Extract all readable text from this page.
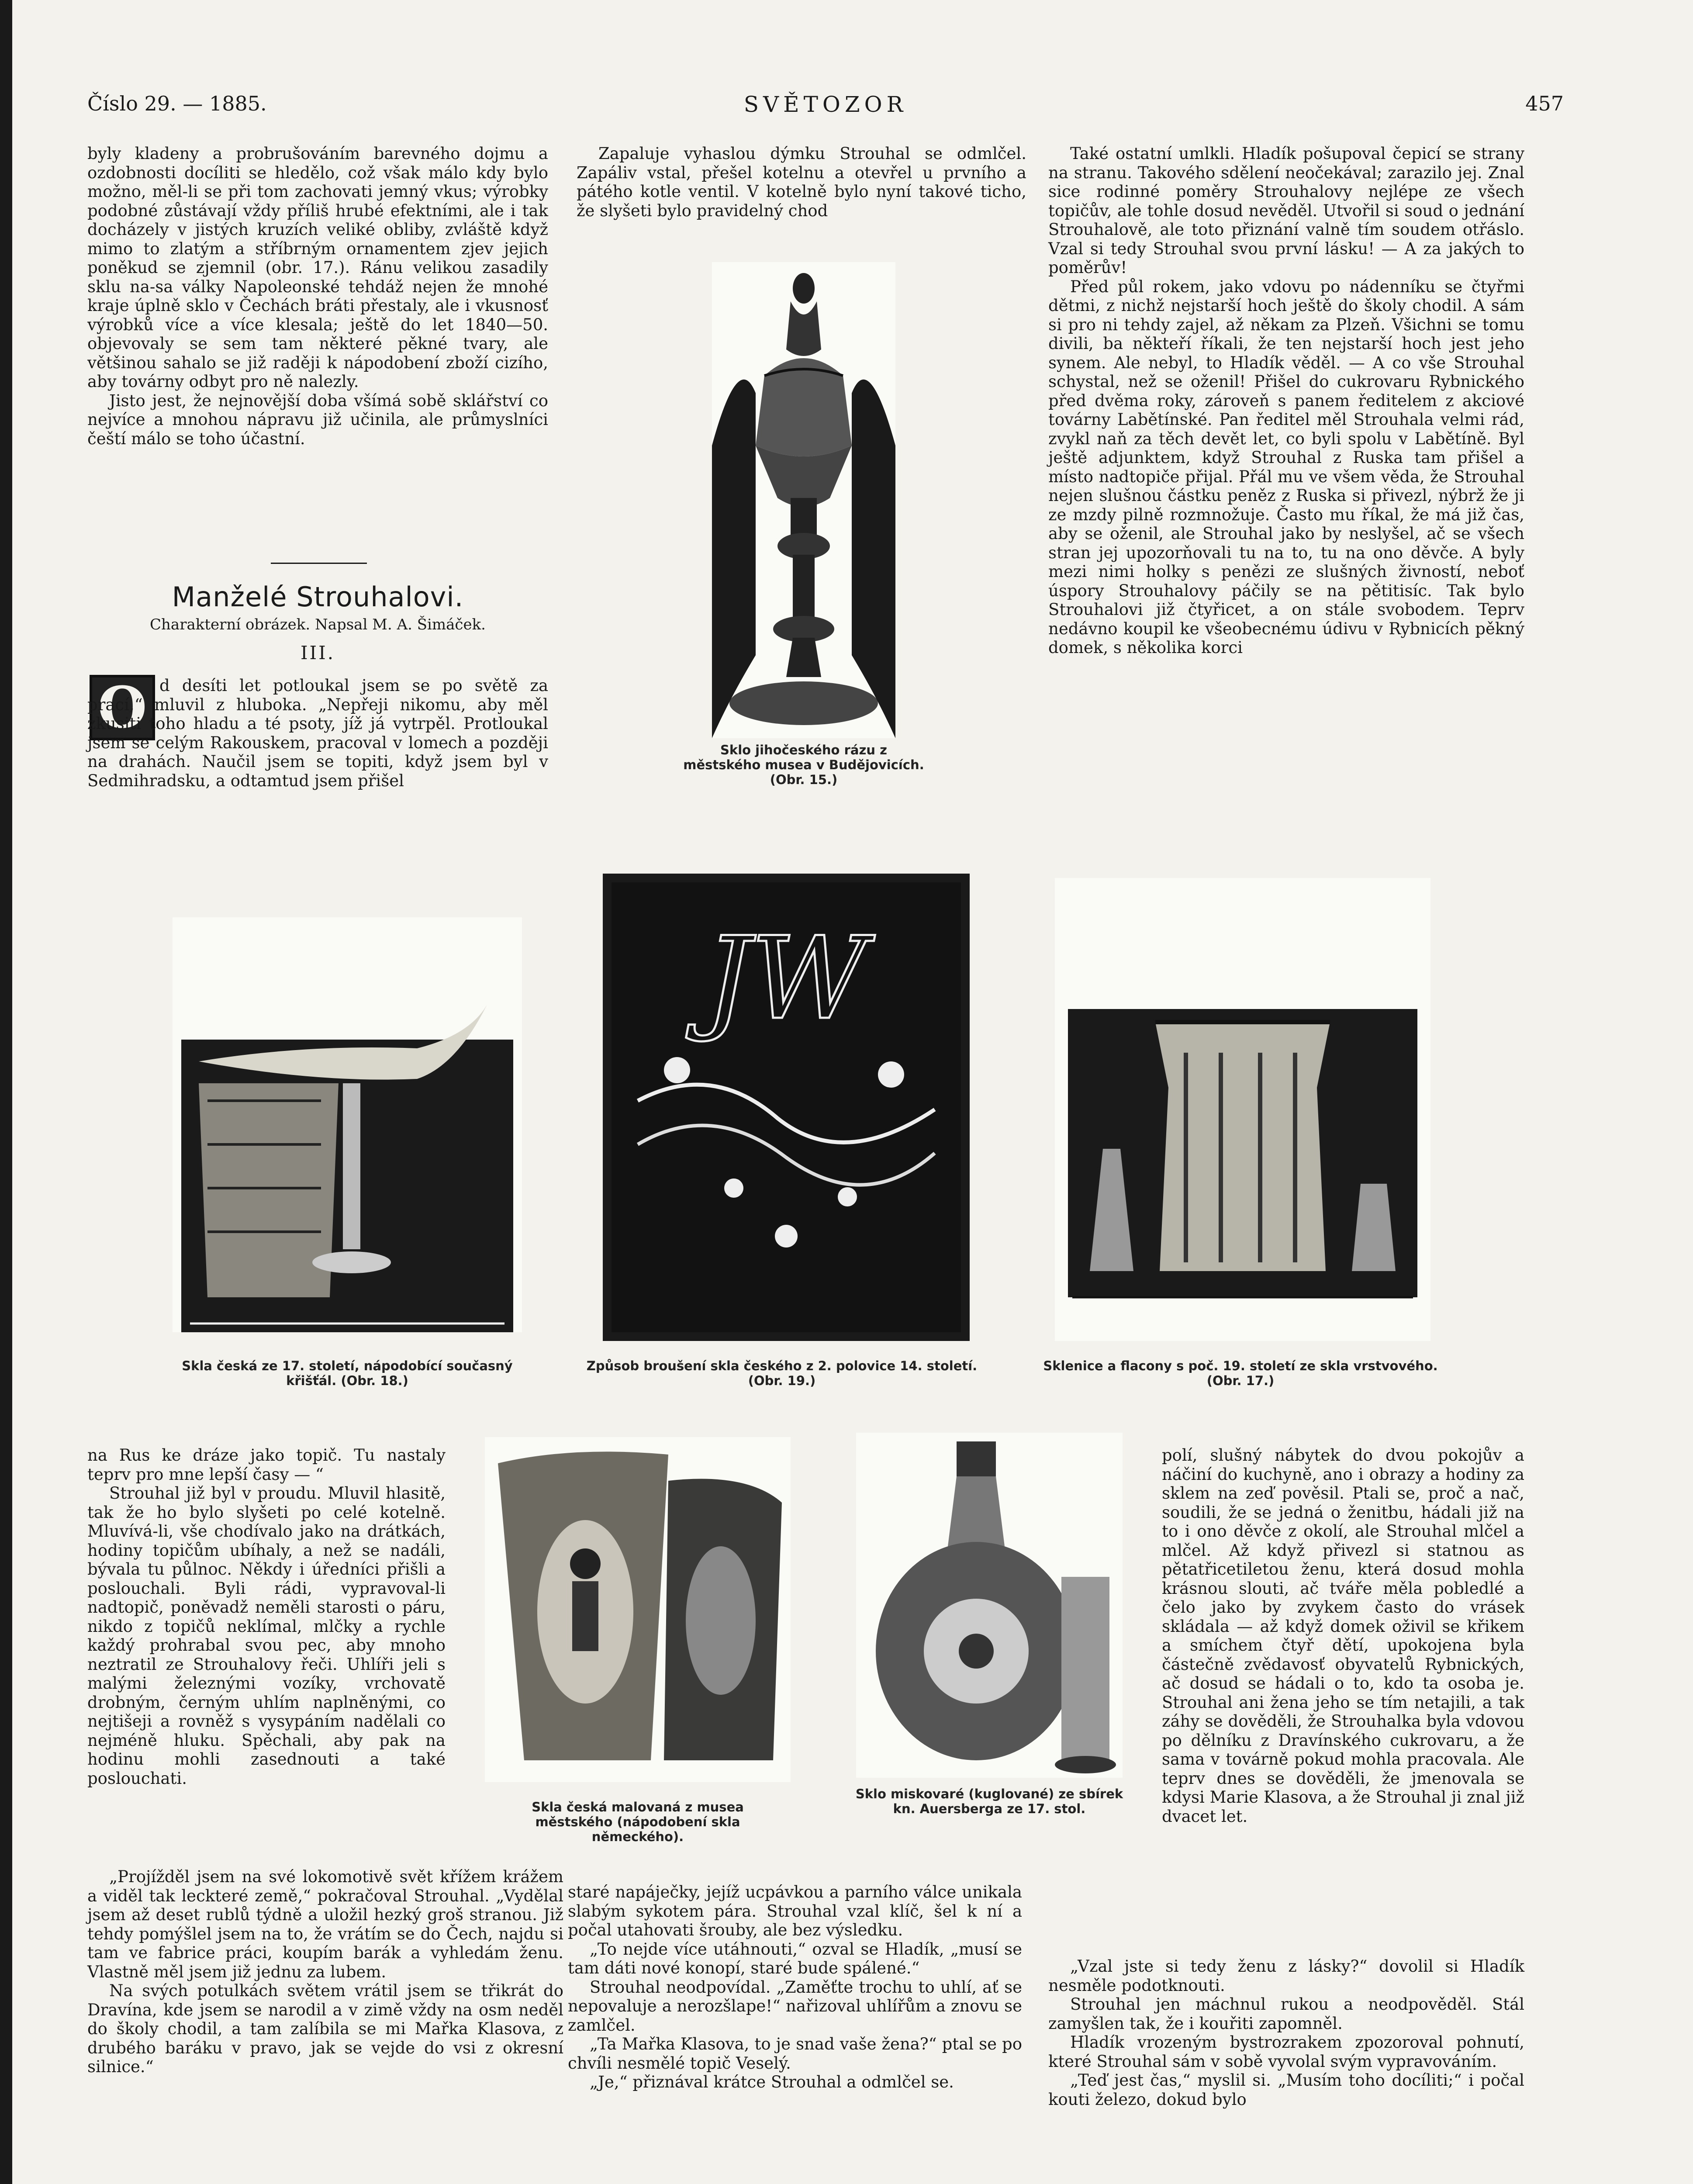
Číslo 29. — 1885.	SVĚTOZOR	457

byly kladeny a probrušováním barevného dojmu a ozdobnosti docíliti se hledělo, což však málo kdy bylo možno, měl-li se při tom zachovati jemný vkus; výrobky podobné zůstávají vždy příliš hrubé efektními, ale i tak docházely v jistých kruzích veliké obliby, zvláště když mimo to zlatým a stříbrným ornamentem zjev jejich poněkud se zjemnil (obr. 17.). Ránu velikou zasadily sklu na-sa války Napoleonské tehdáž nejen že mnohé kraje úplně sklo v Čechách bráti přestaly, ale i vkusnosť výrobků více a více klesala; ještě do let 1840—50. objevovaly se sem tam některé pěkné tvary, ale většinou sahalo se již raději k nápodobení zboží cizího, aby továrny odbyt pro ně nalezly.

Jisto jest, že nejnovější doba všímá sobě sklářství co nejvíce a mnohou nápravu již učinila, ale průmyslníci čeští málo se toho účastní.

Manželé Strouhalovi.
Charakterní obrázek. Napsal M. A. Šimáček.
III.
O d desíti let potloukal jsem se po světě za prací,“ mluvil z hluboka. „Nepřeji nikomu, aby měl zkusiti toho hladu a té psoty, jíž já vytrpěl. Protloukal jsem se celým Rakouskem, pracoval v lomech a později na drahách. Naučil jsem se topiti, když jsem byl v Sedmihradsku, a odtamtud jsem přišel

Zapaluje vyhaslou dýmku Strouhal se odmlčel. Zapáliv vstal, přešel kotelnu a otevřel u prvního a pátého kotle ventil. V kotelně bylo nyní takové ticho, že slyšeti bylo pravidelný chod

Sklo jihočeského rázu z městského musea v Budějovicích. (Obr. 15.)

Také ostatní umlkli. Hladík pošupoval čepicí se strany na stranu. Takového sdělení neočekával; zarazilo jej. Znal sice rodinné poměry Strouhalovy nejlépe ze všech topičův, ale tohle dosud nevěděl. Utvořil si soud o jednání Strouhalově, ale toto přiznání valně tím soudem otřáslo. Vzal si tedy Strouhal svou první lásku! — A za jakých to poměrův!

Před půl rokem, jako vdovu po nádenníku se čtyřmi dětmi, z nichž nejstarší hoch ještě do školy chodil. A sám si pro ni tehdy zajel, až někam za Plzeň. Všichni se tomu divili, ba někteří říkali, že ten nejstarší hoch jest jeho synem. Ale nebyl, to Hladík věděl. — A co vše Strouhal schystal, než se oženil! Přišel do cukrovaru Rybnického před dvěma roky, zároveň s panem ředitelem z akciové továrny Labětínské. Pan ředitel měl Strouhala velmi rád, zvykl naň za těch devět let, co byli spolu v Labětíně. Byl ještě adjunktem, když Strouhal z Ruska tam přišel a místo nadtopiče přijal. Přál mu ve všem věda, že Strouhal nejen slušnou částku peněz z Ruska si přivezl, nýbrž že ji ze mzdy pilně rozmnožuje. Často mu říkal, že má již čas, aby se oženil, ale Strouhal jako by neslyšel, ač se všech stran jej upozorňovali tu na to, tu na ono děvče. A byly mezi nimi holky s penězi ze slušných živností, neboť úspory Strouhalovy páčily se na pětitisíc. Tak bylo Strouhalovi již čtyřicet, a on stále svobodem. Teprv nedávno koupil ke všeobecnému údivu v Rybnicích pěkný domek, s několika korci

Skla česká ze 17. století, nápodobící současný křišťál. (Obr. 18.)
JW
Způsob broušení skla českého z 2. polovice 14. století. (Obr. 19.)
Sklenice a flacony s poč. 19. století ze skla vrstvového. (Obr. 17.)
Skla česká malovaná z musea městského (nápodobení skla německého).
Sklo miskovaré (kuglované) ze sbírek kn. Auersberga ze 17. stol.

na Rus ke dráze jako topič. Tu nastaly teprv pro mne lepší časy — “

Strouhal již byl v proudu. Mluvil hlasitě, tak že ho bylo slyšeti po celé kotelně. Mluvívá-li, vše chodívalo jako na drátkách, hodiny topičům ubíhaly, a než se nadáli, bývala tu půlnoc. Někdy i úředníci přišli a poslouchali. Byli rádi, vypravoval-li nadtopič, poněvadž neměli starosti o páru, nikdo z topičů neklímal, mlčky a rychle každý prohrabal svou pec, aby mnoho neztratil ze Strouhalovy řeči. Uhlíři jeli s malými železnými vozíky, vrchovatě drobným, černým uhlím naplněnými, co nejtišeji a rovněž s vysypáním nadělali co nejméně hluku. Spěchali, aby pak na hodinu mohli zasednouti a také poslouchati.

„Projížděl jsem na své lokomotivě svět křížem krážem a viděl tak leckteré země,“ pokračoval Strouhal. „Vydělal jsem až deset rublů týdně a uložil hezký groš stranou. Již tehdy pomýšlel jsem na to, že vrátím se do Čech, najdu si tam ve fabrice práci, koupím barák a vyhledám ženu. Vlastně měl jsem již jednu za lubem.

Na svých potulkách světem vrátil jsem se třikrát do Dravína, kde jsem se narodil a v zimě vždy na osm neděl do školy chodil, a tam zalíbila se mi Mařka Klasova, z drubého baráku v pravo, jak se vejde do vsi z okresní silnice.“

staré napáječky, jejíž ucpávkou a parního válce unikala slabým sykotem pára. Strouhal vzal klíč, šel k ní a počal utahovati šrouby, ale bez výsledku.

„To nejde více utáhnouti,“ ozval se Hladík, „musí se tam dáti nové konopí, staré bude spálené.“

Strouhal neodpovídal. „Zaměťte trochu to uhlí, ať se nepovaluje a nerozšlape!“ nařizoval uhlířům a znovu se zamlčel.

„Ta Mařka Klasova, to je snad vaše žena?“ ptal se po chvíli nesmělé topič Veselý.

„Je,“ přiznával krátce Strouhal a odmlčel se.

polí, slušný nábytek do dvou pokojův a náčiní do kuchyně, ano i obrazy a hodiny za sklem na zeď pověsil. Ptali se, proč a nač, soudili, že se jedná o ženitbu, hádali již na to i ono děvče z okolí, ale Strouhal mlčel a mlčel. Až když přivezl si statnou as pětatřicetiletou ženu, která dosud mohla krásnou slouti, ač tváře měla pobledlé a čelo jako by zvykem často do vrásek skládala — až když domek oživil se křikem a smíchem čtyř dětí, upokojena byla částečně zvědavosť obyvatelů Rybnických, ač dosud se hádali o to, kdo ta osoba je. Strouhal ani žena jeho se tím netajili, a tak záhy se dověděli, že Strouhalka byla vdovou po dělníku z Dravínského cukrovaru, a že sama v továrně pokud mohla pracovala. Ale teprv dnes se dověděli, že jmenovala se kdysi Marie Klasova, a že Strouhal ji znal již dvacet let.

„Vzal jste si tedy ženu z lásky?“ dovolil si Hladík nesměle podotknouti.

Strouhal jen máchnul rukou a neodpověděl. Stál zamyšlen tak, že i kouřiti zapomněl.

Hladík vrozeným bystrozrakem zpozoroval pohnutí, které Strouhal sám v sobě vyvolal svým vypravováním.

„Teď jest čas,“ myslil si. „Musím toho docíliti;“ i počal kouti železo, dokud bylo
